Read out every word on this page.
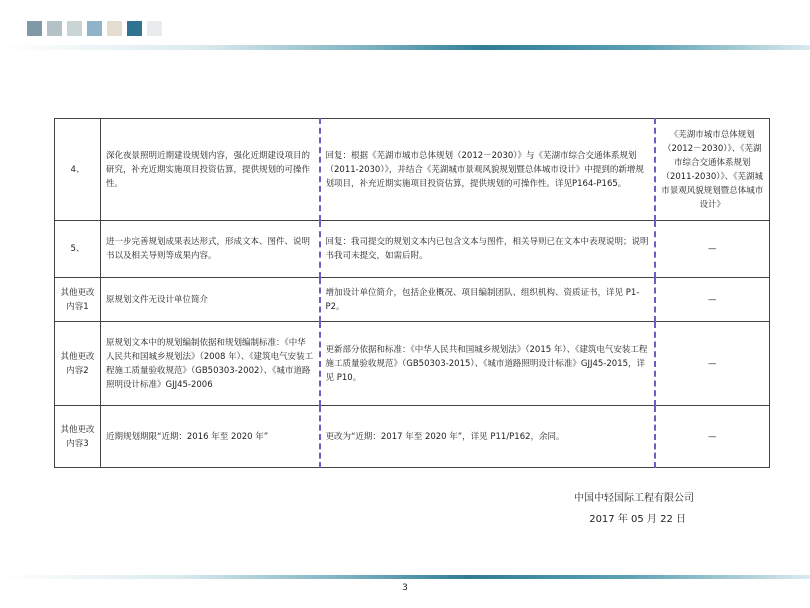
4、	深化夜景照明近期建设规划内容，强化近期建设项目的研究，补充近期实施项目投资估算，提供规划的可操作性。	回复：根据《芜湖市城市总体规划（2012－2030）》与《芜湖市综合交通体系规划（2011-2030）》，并结合《芜湖城市景观风貌规划暨总体城市设计》中提到的新增规划项目，补充近期实施项目投资估算，提供规划的可操作性。详见P164-P165。	《芜湖市城市总体规划（2012－2030）》、《芜湖市综合交通体系规划（2011-2030）》、《芜湖城市景观风貌规划暨总体城市设计》
5、	进一步完善规划成果表达形式，形成文本、图件、说明书以及相关导则等成果内容。	回复：我司提交的规划文本内已包含文本与图件，相关导则已在文本中表现说明；说明书我司未提交，如需后附。	—
其他更改内容1	原规划文件无设计单位简介	增加设计单位简介，包括企业概况、项目编制团队、组织机构、资质证书，详见 P1-P2。	—
其他更改内容2	原规划文本中的规划编制依据和规划编制标准：《中华人民共和国城乡规划法》（2008 年）、《建筑电气安装工程施工质量验收规范》（GB50303-2002）、《城市道路照明设计标准》GJJ45-2006	更新部分依据和标准：《中华人民共和国城乡规划法》（2015 年）、《建筑电气安装工程施工质量验收规范》（GB50303-2015）、《城市道路照明设计标准》GJJ45-2015，详见 P10。	—
其他更改内容3	近期规划期限“近期：2016 年至 2020 年”	更改为“近期：2017 年至 2020 年”，详见 P11/P162，余同。	—
中国中轻国际工程有限公司
2017 年 05 月 22 日
3
